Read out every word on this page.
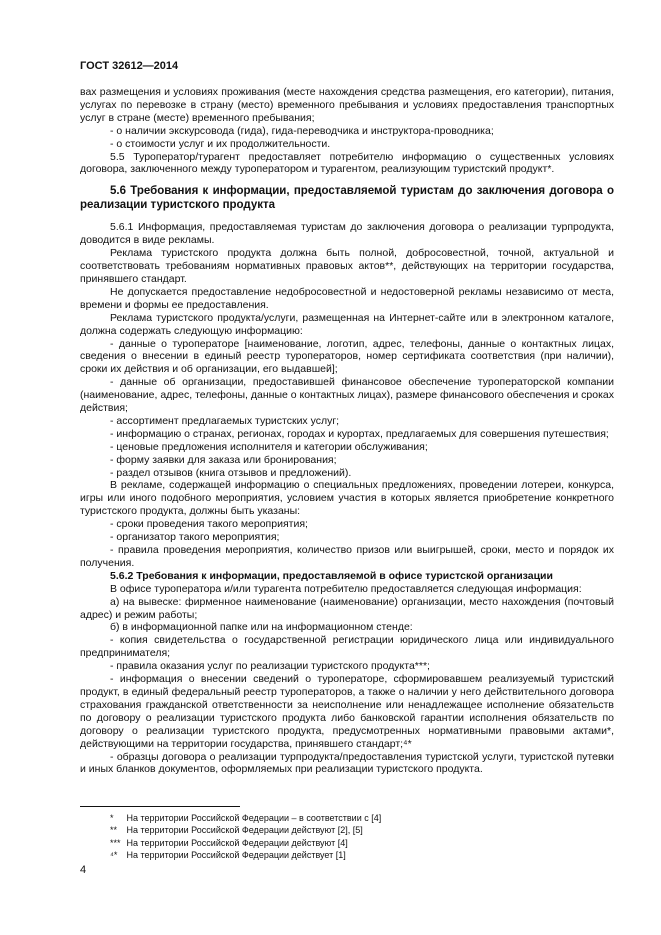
ГОСТ 32612—2014

вах размещения и условиях проживания (месте нахождения средства размещения, его категории), питания, услугах по перевозке в страну (место) временного пребывания и условиях предоставления транспортных услуг в стране (месте) временного пребывания;

- о наличии экскурсовода (гида), гида-переводчика и инструктора-проводника;

- о стоимости услуг и их продолжительности.

5.5 Туроператор/турагент предоставляет потребителю информацию о существенных условиях договора, заключенного между туроператором и турагентом, реализующим туристский продукт*.

5.6 Требования к информации, предоставляемой туристам до заключения договора о реализации туристского продукта

5.6.1 Информация, предоставляемая туристам до заключения договора о реализации турпродукта, доводится в виде рекламы.

Реклама туристского продукта должна быть полной, добросовестной, точной, актуальной и соответствовать требованиям нормативных правовых актов**, действующих на территории государства, принявшего стандарт.

Не допускается предоставление недобросовестной и недостоверной рекламы независимо от места, времени и формы ее предоставления.

Реклама туристского продукта/услуги, размещенная на Интернет-сайте или в электронном каталоге, должна содержать следующую информацию:

- данные о туроператоре [наименование, логотип, адрес, телефоны, данные о контактных лицах, сведения о внесении в единый реестр туроператоров, номер сертификата соответствия (при наличии), сроки их действия и об организации, его выдавшей];

- данные об организации, предоставившей финансовое обеспечение туроператорской компании (наименование, адрес, телефоны, данные о контактных лицах), размере финансового обеспечения и сроках действия;

- ассортимент предлагаемых туристских услуг;

- информацию о странах, регионах, городах и курортах, предлагаемых для совершения путешествия;

- ценовые предложения исполнителя и категории обслуживания;

- форму заявки для заказа или бронирования;

- раздел отзывов (книга отзывов и предложений).

В рекламе, содержащей информацию о специальных предложениях, проведении лотереи, конкурса, игры или иного подобного мероприятия, условием участия в которых является приобретение конкретного туристского продукта, должны быть указаны:

- сроки проведения такого мероприятия;

- организатор такого мероприятия;

- правила проведения мероприятия, количество призов или выигрышей, сроки, место и порядок их получения.

5.6.2 Требования к информации, предоставляемой в офисе туристской организации

В офисе туроператора и/или турагента потребителю предоставляется следующая информация:

а) на вывеске: фирменное наименование (наименование) организации, место нахождения (почтовый адрес) и режим работы;

б) в информационной папке или на информационном стенде:

- копия свидетельства о государственной регистрации юридического лица или индивидуального предпринимателя;

- правила оказания услуг по реализации туристского продукта***;

- информация о внесении сведений о туроператоре, сформировавшем реализуемый туристский продукт, в единый федеральный реестр туроператоров, а также о наличии у него действительного договора страхования гражданской ответственности за неисполнение или ненадлежащее исполнение обязательств по договору о реализации туристского продукта либо банковской гарантии исполнения обязательств по договору о реализации туристского продукта, предусмотренных нормативными правовыми актами*, действующими на территории государства, принявшего стандарт;⁴*

- образцы договора о реализации турпродукта/предоставления туристской услуги, туристской путевки и иных бланков документов, оформляемых при реализации туристского продукта.

* На территории Российской Федерации – в соответствии с [4]

** На территории Российской Федерации действуют [2], [5]

*** На территории Российской Федерации действуют [4]

⁴* На территории Российской Федерации действует [1]

4
